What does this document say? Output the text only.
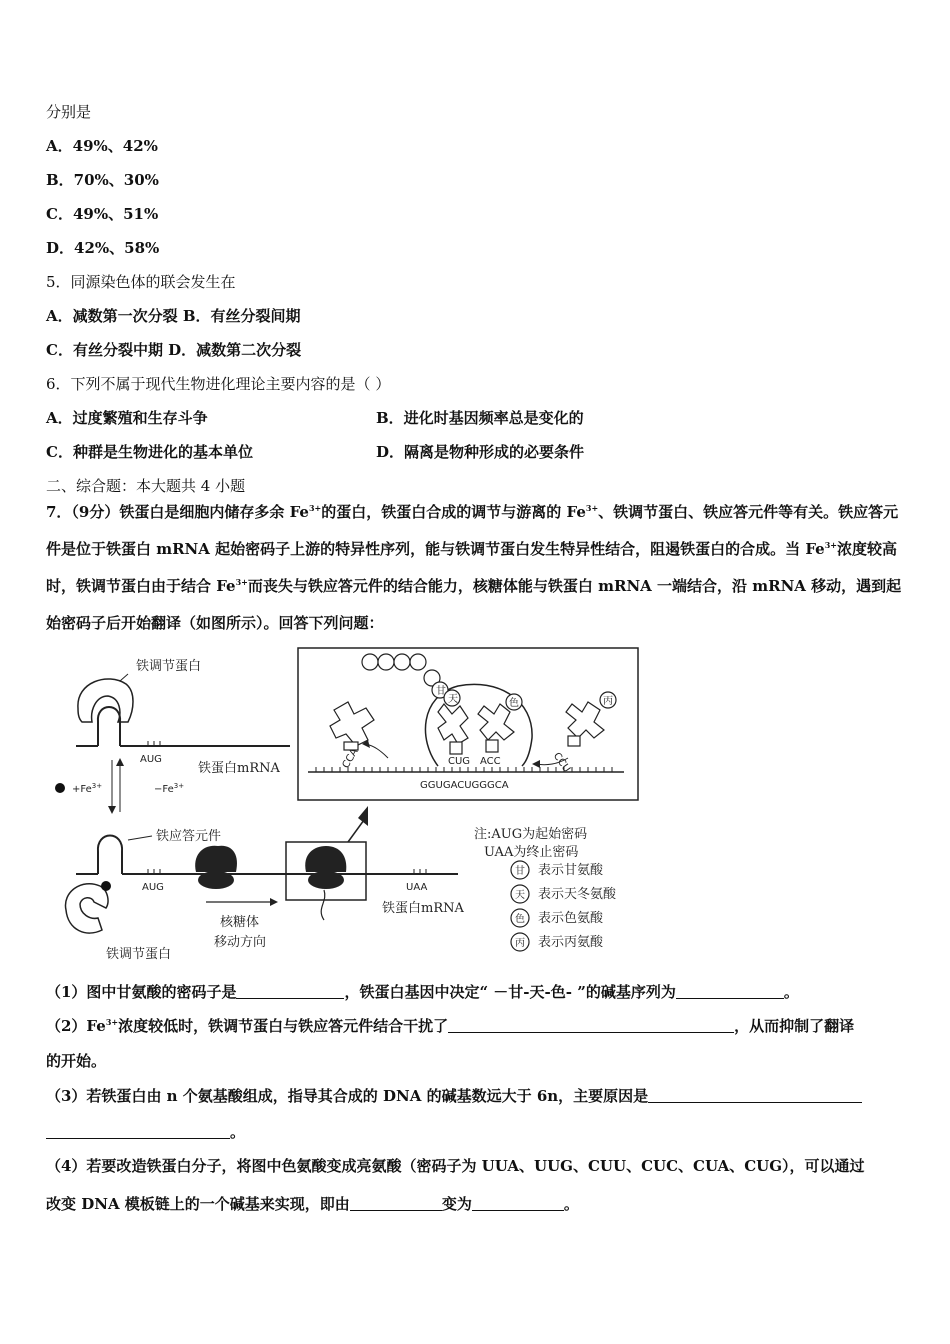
分别是
A．49%、42%
B．70%、30%
C．49%、51%
D．42%、58%
5．同源染色体的联会发生在
A．减数第一次分裂 B．有丝分裂间期
C．有丝分裂中期 D．减数第二次分裂
6．下列不属于现代生物进化理论主要内容的是（ ）
A．过度繁殖和生存斗争	B．进化时基因频率总是变化的
C．种群是生物进化的基本单位	D．隔离是物种形成的必要条件
二、综合题：本大题共 4 小题

7．（9分）铁蛋白是细胞内储存多余 $Fe^{3+}$的蛋白，铁蛋白合成的调节与游离的 $Fe^{3+}$、铁调节蛋白、铁应答元件等有关。铁应答元件是位于铁蛋白 mRNA 起始密码子上游的特异性序列，能与铁调节蛋白发生特异性结合，阻遏铁蛋白的合成。当 $Fe^{3+}$浓度较高时，铁调节蛋白由于结合 $Fe^{3+}$而丧失与铁应答元件的结合能力，核糖体能与铁蛋白 mRNA 一端结合，沿 mRNA 移动，遇到起始密码子后开始翻译（如图所示）。回答下列问题：

铁调节蛋白
AUG
铁蛋白mRNA
$+Fe^{3+}$	$-Fe^{3+}$
铁应答元件
AUG	UAA
铁蛋白mRNA
铁调节蛋白
核糖体
移动方向
GGUGACUGGGCA
CUG ACC
CCA
甘
天	色	丙
CCU
注:AUG为起始密码
UAA为终止密码
甘
天
色
丙
表示甘氨酸
表示天冬氨酸
表示色氨酸
表示丙氨酸
（1）图中甘氨酸的密码子是	，铁蛋白基因中决定“ －甘-天-色- ”的碱基序列为	。
$(2)Fe^{3+}$浓度较低时，铁调节蛋白与铁应答元件结合干扰了	，从而抑制了翻译
的开始。
（3）若铁蛋白由 n 个氨基酸组成，指导其合成的 DNA 的碱基数远大于 6n，主要原因是
。
（4）若要改造铁蛋白分子，将图中色氨酸变成亮氨酸（密码子为 UUA、UUG、CUU、CUC、CUA、CUG），可以通过
改变 DNA 模板链上的一个碱基来实现，即由	变为	。
